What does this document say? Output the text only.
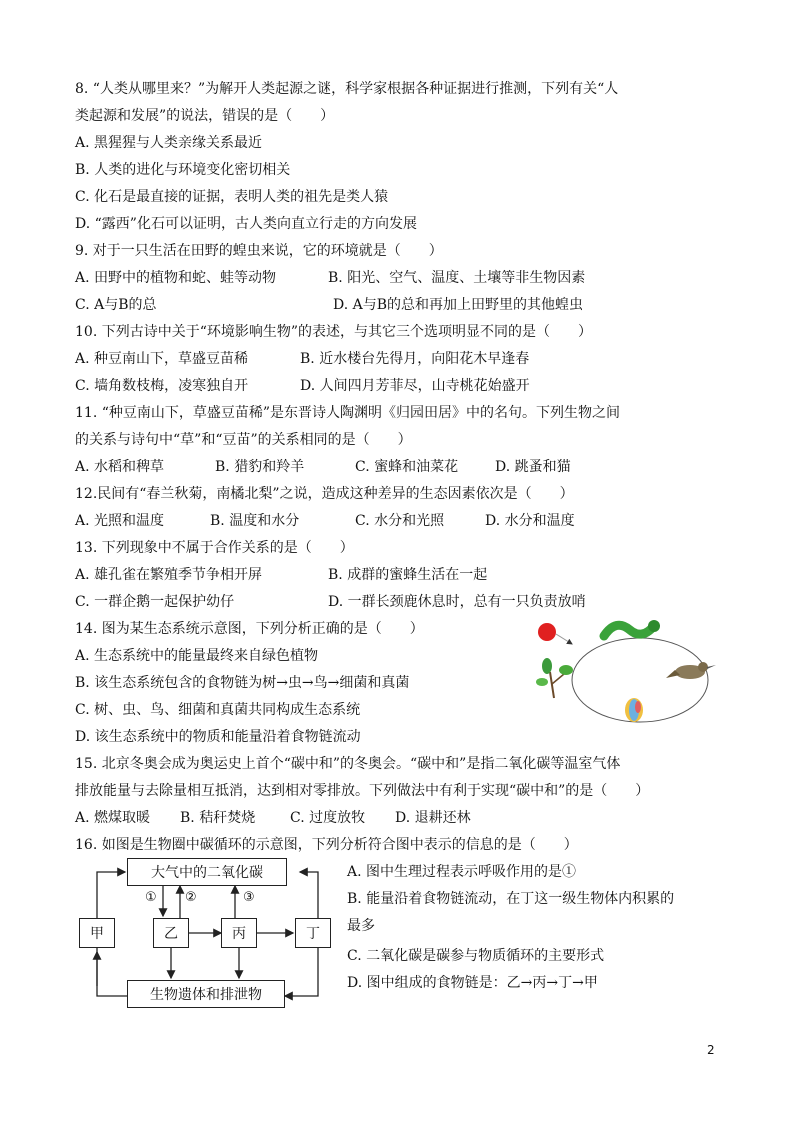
8. “人类从哪里来？”为解开人类起源之谜，科学家根据各种证据进行推测，下列有关“人
类起源和发展”的说法，错误的是（　　）
A. 黑猩猩与人类亲缘关系最近
B. 人类的进化与环境变化密切相关
C. 化石是最直接的证据，表明人类的祖先是类人猿
D. “露西”化石可以证明，古人类向直立行走的方向发展
9. 对于一只生活在田野的蝗虫来说，它的环境就是（　　）
A. 田野中的植物和蛇、蛙等动物	B. 阳光、空气、温度、土壤等非生物因素
C. A与B的总	D. A与B的总和再加上田野里的其他蝗虫
10. 下列古诗中关于“环境影响生物”的表述，与其它三个选项明显不同的是（　　）
A. 种豆南山下，草盛豆苗稀	B. 近水楼台先得月，向阳花木早逢春
C. 墙角数枝梅，凌寒独自开	D. 人间四月芳菲尽，山寺桃花始盛开
11. “种豆南山下，草盛豆苗稀”是东晋诗人陶渊明《归园田居》中的名句。下列生物之间
的关系与诗句中“草”和“豆苗”的关系相同的是（　　）
A. 水稻和稗草	B. 猎豹和羚羊	C. 蜜蜂和油菜花	D. 跳蚤和猫
12.民间有“春兰秋菊，南橘北梨”之说，造成这种差异的生态因素依次是（　　）
A. 光照和温度	B. 温度和水分	C. 水分和光照	D. 水分和温度
13. 下列现象中不属于合作关系的是（　　）
A. 雄孔雀在繁殖季节争相开屏	B. 成群的蜜蜂生活在一起
C. 一群企鹅一起保护幼仔	D. 一群长颈鹿休息时，总有一只负责放哨
14. 图为某生态系统示意图，下列分析正确的是（　　）
A. 生态系统中的能量最终来自绿色植物
B. 该生态系统包含的食物链为树→虫→鸟→细菌和真菌
C. 树、虫、鸟、细菌和真菌共同构成生态系统
D. 该生态系统中的物质和能量沿着食物链流动
15. 北京冬奥会成为奥运史上首个“碳中和”的冬奥会。“碳中和”是指二氧化碳等温室气体
排放能量与去除量相互抵消，达到相对零排放。下列做法中有利于实现“碳中和”的是（　　）
A. 燃煤取暖 B. 秸秆焚烧 C. 过度放牧 D. 退耕还林
16. 如图是生物圈中碳循环的示意图，下列分析符合图中表示的信息的是（　　）
大气中的二氧化碳
生物遗体和排泄物
甲	乙	丙	丁
① ②	③
A. 图中生理过程表示呼吸作用的是①
B. 能量沿着食物链流动，在丁这一级生物体内积累的
最多
C. 二氧化碳是碳参与物质循环的主要形式
D. 图中组成的食物链是：乙→丙→丁→甲
2
